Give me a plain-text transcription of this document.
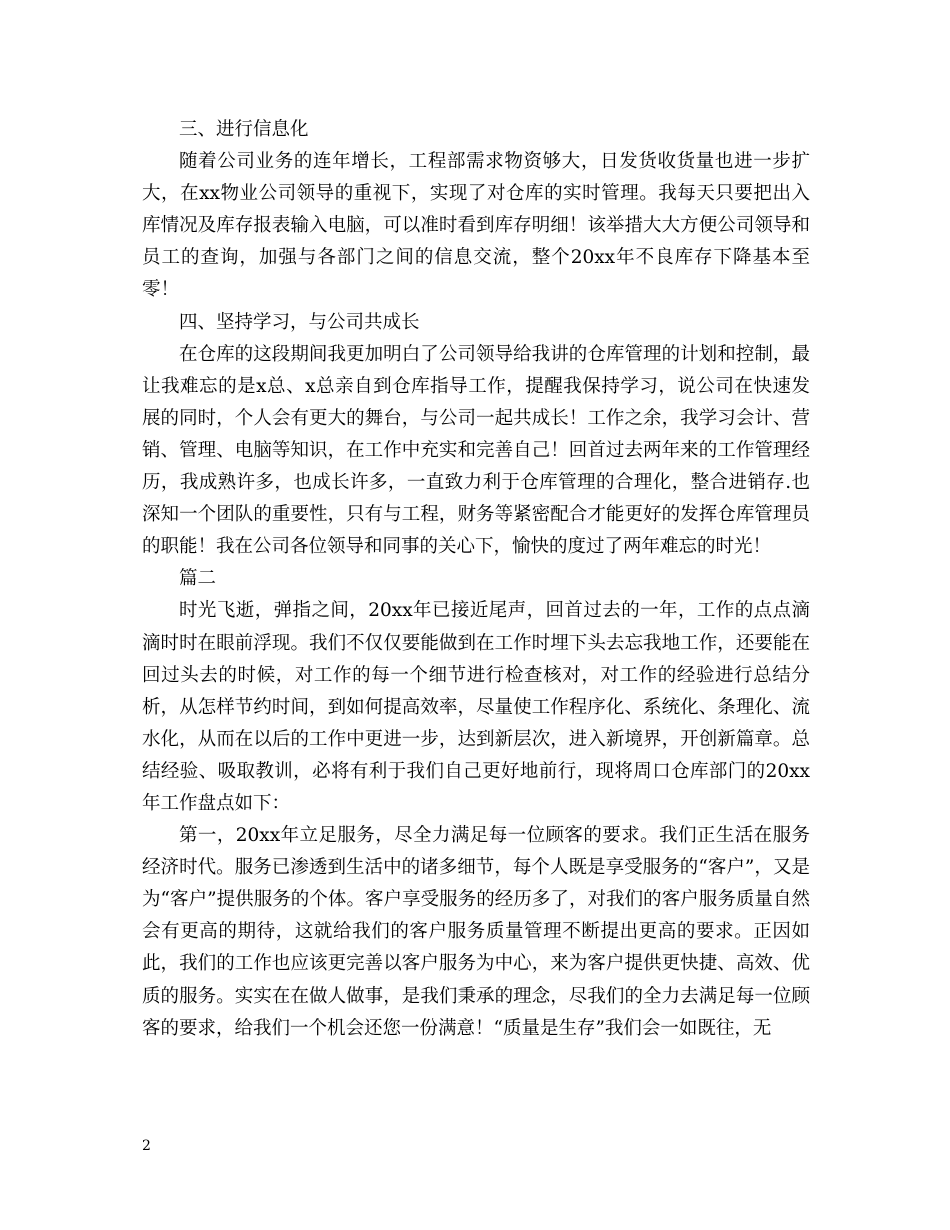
三、进行信息化

随着公司业务的连年增长，工程部需求物资够大，日发货收货量也进一步扩大，在xx物业公司领导的重视下，实现了对仓库的实时管理。我每天只要把出入库情况及库存报表输入电脑，可以准时看到库存明细！该举措大大方便公司领导和员工的查询，加强与各部门之间的信息交流，整个20xx年不良库存下降基本至零！

四、坚持学习，与公司共成长

在仓库的这段期间我更加明白了公司领导给我讲的仓库管理的计划和控制，最让我难忘的是x总、x总亲自到仓库指导工作，提醒我保持学习，说公司在快速发展的同时，个人会有更大的舞台，与公司一起共成长！工作之余，我学习会计、营销、管理、电脑等知识，在工作中充实和完善自己！回首过去两年来的工作管理经历，我成熟许多，也成长许多，一直致力利于仓库管理的合理化，整合进销存.也深知一个团队的重要性，只有与工程，财务等紧密配合才能更好的发挥仓库管理员的职能！我在公司各位领导和同事的关心下，愉快的度过了两年难忘的时光！

篇二

时光飞逝，弹指之间，20xx年已接近尾声，回首过去的一年，工作的点点滴滴时时在眼前浮现。我们不仅仅要能做到在工作时埋下头去忘我地工作，还要能在回过头去的时候，对工作的每一个细节进行检查核对，对工作的经验进行总结分析，从怎样节约时间，到如何提高效率，尽量使工作程序化、系统化、条理化、流水化，从而在以后的工作中更进一步，达到新层次，进入新境界，开创新篇章。总结经验、吸取教训，必将有利于我们自己更好地前行，现将周口仓库部门的20xx年工作盘点如下：

第一，20xx年立足服务，尽全力满足每一位顾客的要求。我们正生活在服务经济时代。服务已渗透到生活中的诸多细节，每个人既是享受服务的“客户”，又是为“客户”提供服务的个体。客户享受服务的经历多了，对我们的客户服务质量自然会有更高的期待，这就给我们的客户服务质量管理不断提出更高的要求。正因如此，我们的工作也应该更完善以客户服务为中心，来为客户提供更快捷、高效、优质的服务。实实在在做人做事，是我们秉承的理念，尽我们的全力去满足每一位顾客的要求，给我们一个机会还您一份满意！“质量是生存”我们会一如既往，无

2
